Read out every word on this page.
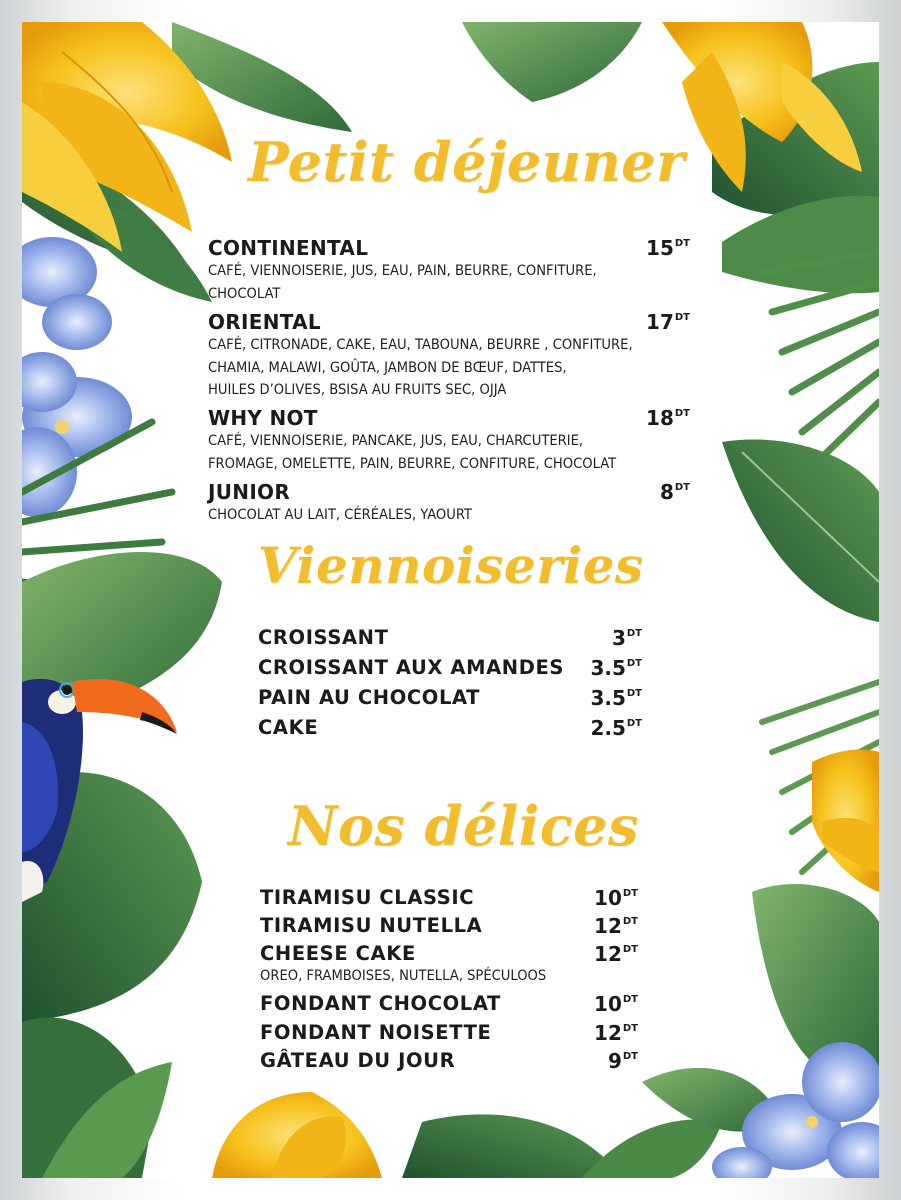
Petit déjeuner
CONTINENTAL	$15^{DT}$
CAFÉ, VIENNOISERIE, JUS, EAU, PAIN, BEURRE, CONFITURE,
CHOCOLAT
ORIENTAL	$17^{DT}$
CAFÉ, CITRONADE, CAKE, EAU, TABOUNA, BEURRE , CONFITURE,
CHAMIA, MALAWI, GOÛTA, JAMBON DE BŒUF, DATTES,
HUILES D’OLIVES, BSISA AU FRUITS SEC, OJJA
WHY NOT	$18^{DT}$
CAFÉ, VIENNOISERIE, PANCAKE, JUS, EAU, CHARCUTERIE,
FROMAGE, OMELETTE, PAIN, BEURRE, CONFITURE, CHOCOLAT
JUNIOR	$8^{DT}$
CHOCOLAT AU LAIT, CÉRÉALES, YAOURT
Viennoiseries
CROISSANT	$3^{DT}$
CROISSANT AUX AMANDES	$3.5^{DT}$
PAIN AU CHOCOLAT	$3.5^{DT}$
CAKE	$2.5^{DT}$
Nos délices
TIRAMISU CLASSIC	$10^{DT}$
TIRAMISU NUTELLA	$12^{DT}$
CHEESE CAKE	$12^{DT}$
OREO, FRAMBOISES, NUTELLA, SPÉCULOOS
FONDANT CHOCOLAT	$10^{DT}$
FONDANT NOISETTE	$12^{DT}$
GÂTEAU DU JOUR	$9^{DT}$
